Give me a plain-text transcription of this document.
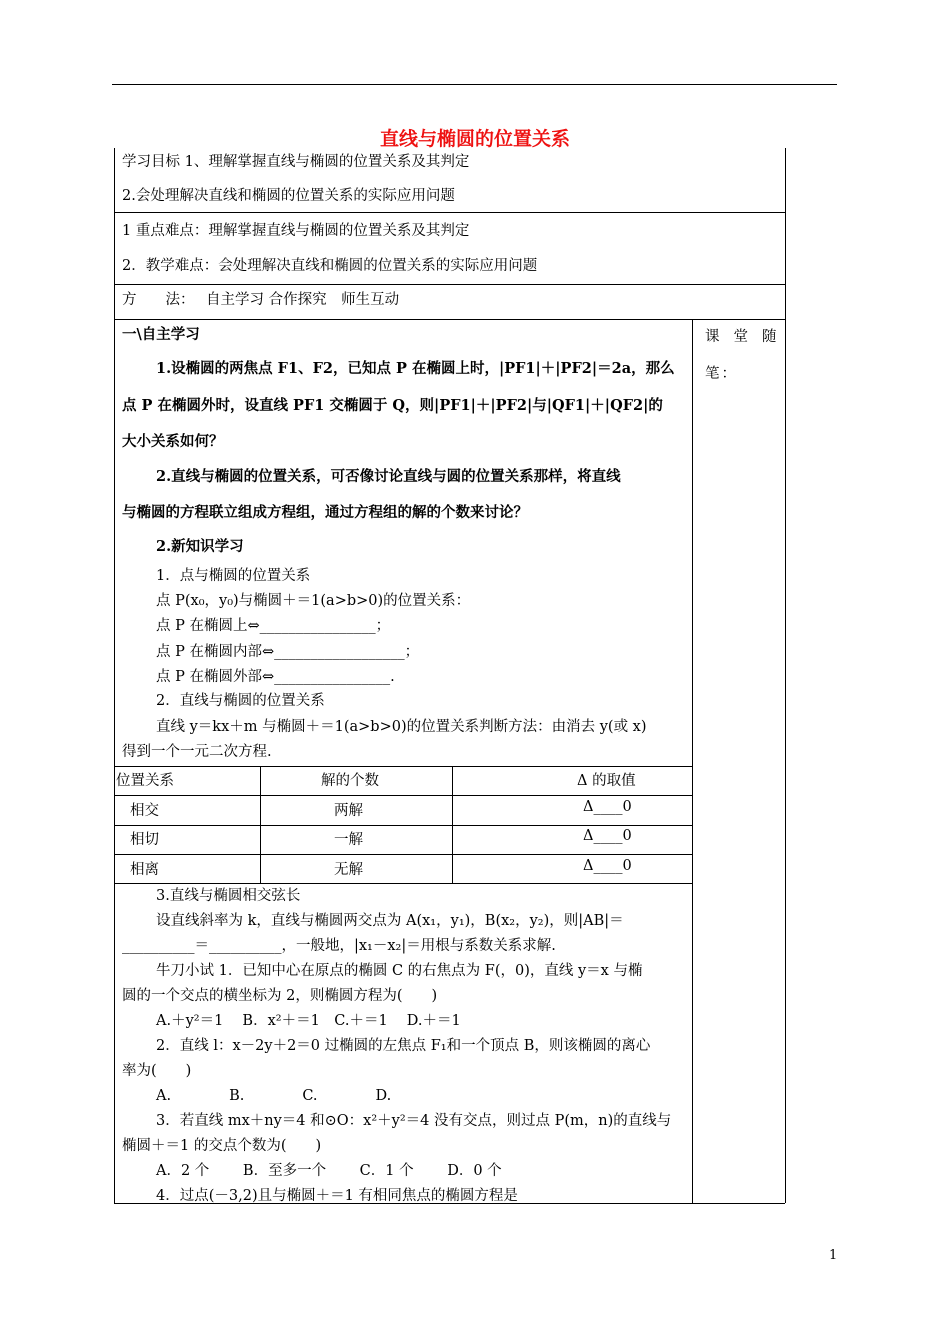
直线与椭圆的位置关系
学习目标 1、理解掌握直线与椭圆的位置关系及其判定
2.会处理解决直线和椭圆的位置关系的实际应用问题
1 重点难点：理解掌握直线与椭圆的位置关系及其判定
2．教学难点：会处理解决直线和椭圆的位置关系的实际应用问题
方　　法： 自主学习 合作探究　师生互动
课堂随
笔：
一\自主学习
1.设椭圆的两焦点 F1、F2，已知点 P 在椭圆上时，|PF1|＋|PF2|＝2a，那么
点 P 在椭圆外时，设直线 PF1 交椭圆于 Q，则|PF1|＋|PF2|与|QF1|＋|QF2|的
大小关系如何？
2.直线与椭圆的位置关系，可否像讨论直线与圆的位置关系那样，将直线
与椭圆的方程联立组成方程组，通过方程组的解的个数来讨论？
2.新知识学习
1．点与椭圆的位置关系
点 P(x₀，y₀)与椭圆＋＝1(a>b>0)的位置关系：
点 P 在椭圆上⇔________________；
点 P 在椭圆内部⇔__________________；
点 P 在椭圆外部⇔________________.
2．直线与椭圆的位置关系
直线 y＝kx＋m 与椭圆＋＝1(a>b>0)的位置关系判断方法：由消去 y(或 x)
得到一个一元二次方程.
位置关系	解的个数	Δ 的取值
相交	两解	Δ____0
相切	一解	Δ____0
相离	无解	Δ____0
3.直线与椭圆相交弦长
设直线斜率为 k，直线与椭圆两交点为 A(x₁，y₁)，B(x₂，y₂)，则|AB|＝
__________＝__________，一般地，|x₁－x₂|＝用根与系数关系求解.
牛刀小试 1．已知中心在原点的椭圆 C 的右焦点为 F(，0)，直线 y＝x 与椭
圆的一个交点的横坐标为 2，则椭圆方程为(　　)
A.＋y²＝1　 B．x²＋＝1　C.＋＝1　 D.＋＝1
2．直线 l：x－2y＋2＝0 过椭圆的左焦点 F₁和一个顶点 B，则该椭圆的离心
率为(　　)
A.　　　　B.　　　　C.　　　　D.
3．若直线 mx＋ny＝4 和⊙O：x²＋y²＝4 没有交点，则过点 P(m，n)的直线与
椭圆＋＝1 的交点个数为(　　)
A．2 个　　 B．至多一个　　 C．1 个　　 D．0 个
4．过点(－3,2)且与椭圆＋＝1 有相同焦点的椭圆方程是________________
1
